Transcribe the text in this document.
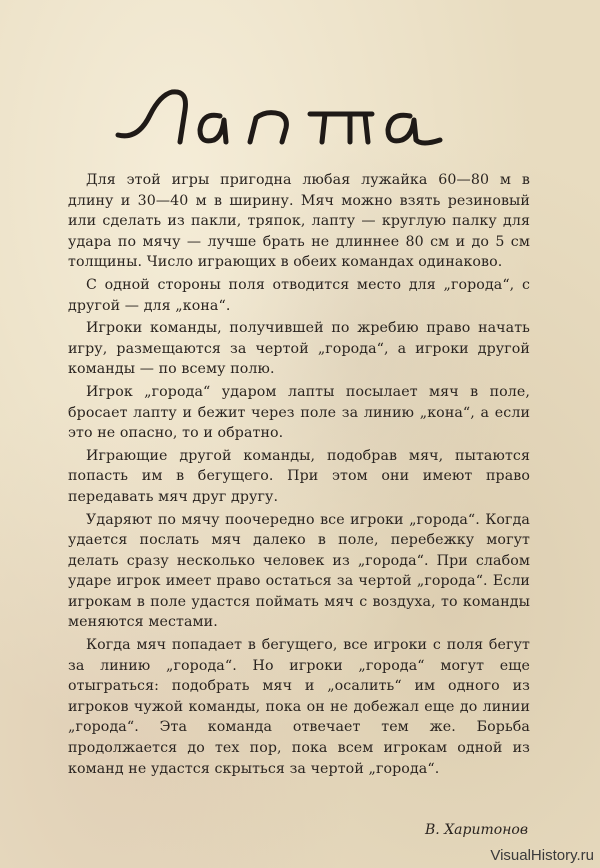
Для этой игры пригодна любая лужайка 60—80 м в длину и 30—40 м в ширину. Мяч можно взять резиновый или сделать из пакли, тряпок, лапту — круглую палку для удара по мячу — лучше брать не длиннее 80 см и до 5 см толщины. Число играющих в обеих командах одинаково.

С одной стороны поля отводится место для „города“, с другой — для „кона“.

Игроки команды, получившей по жребию право начать игру, размещаются за чертой „города“, а игроки другой команды — по всему полю.

Игрок „города“ ударом лапты посылает мяч в поле, бросает лапту и бежит через поле за линию „кона“, а если это не опасно, то и обратно.

Играющие другой команды, подобрав мяч, пытаются попасть им в бегущего. При этом они имеют право передавать мяч друг другу.

Ударяют по мячу поочередно все игроки „города“. Когда удается послать мяч далеко в поле, перебежку могут делать сразу несколько человек из „города“. При слабом ударе игрок имеет право остаться за чертой „города“. Если игрокам в поле удастся поймать мяч с воздуха, то команды меняются местами.

Когда мяч попадает в бегущего, все игроки с поля бегут за линию „города“. Но игроки „города“ могут еще отыграться: подобрать мяч и „осалить“ им одного из игроков чужой команды, пока он не добежал еще до линии „города“. Эта команда отвечает тем же. Борьба продолжается до тех пор, пока всем игрокам одной из команд не удастся скрыться за чертой „города“.

В. Харитонов
VisualHistory.ru
